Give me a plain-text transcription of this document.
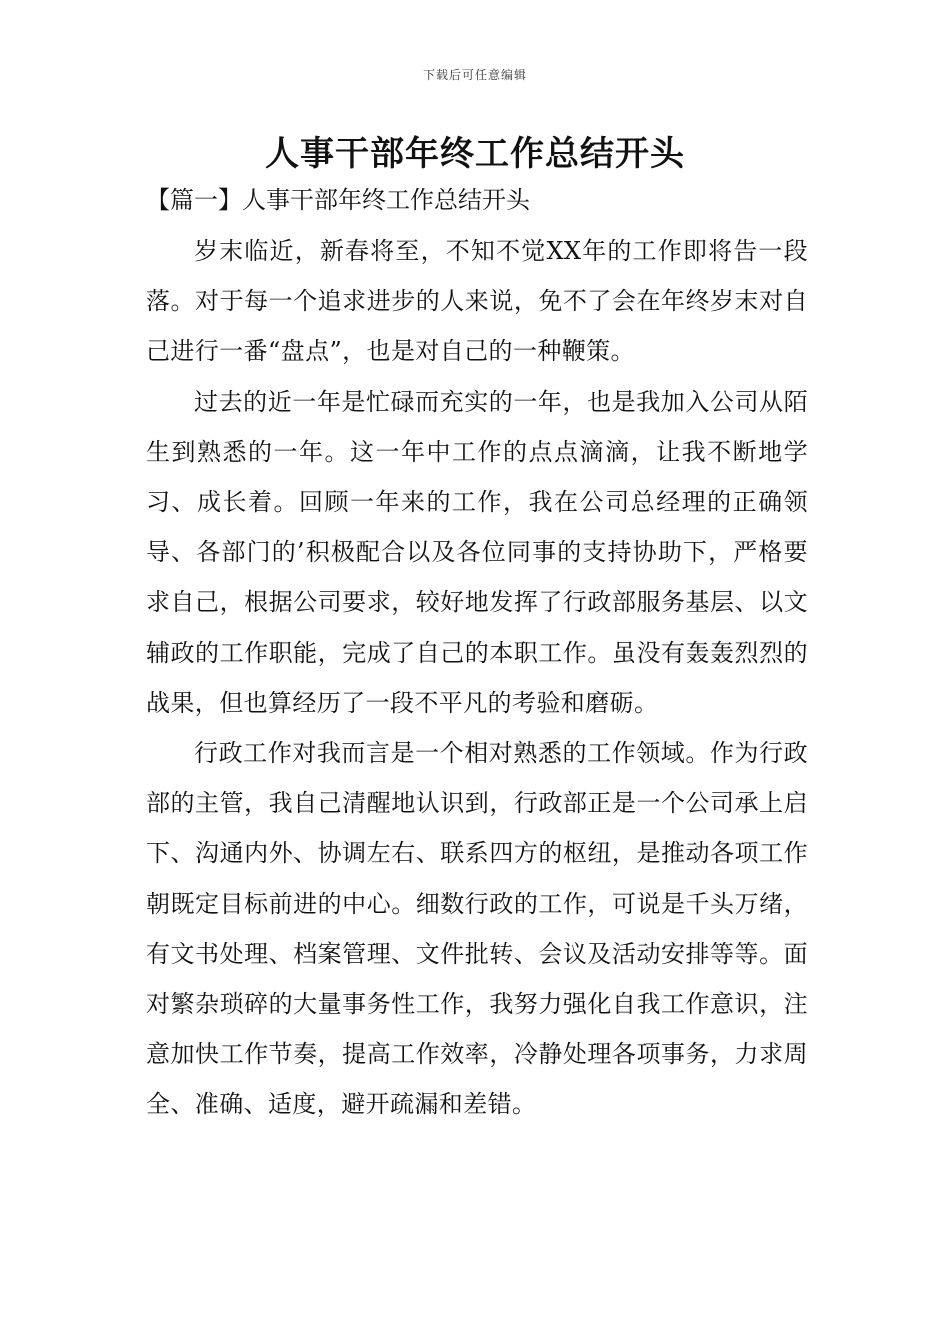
下载后可任意编辑
人事干部年终工作总结开头
【篇一】人事干部年终工作总结开头

岁末临近，新春将至，不知不觉XX年的工作即将告一段落。对于每一个追求进步的人来说，免不了会在年终岁末对自己进行一番“盘点”，也是对自己的一种鞭策。

过去的近一年是忙碌而充实的一年，也是我加入公司从陌生到熟悉的一年。这一年中工作的点点滴滴，让我不断地学习、成长着。回顾一年来的工作，我在公司总经理的正确领导、各部门的’积极配合以及各位同事的支持协助下，严格要求自己，根据公司要求，较好地发挥了行政部服务基层、以文辅政的工作职能，完成了自己的本职工作。虽没有轰轰烈烈的战果，但也算经历了一段不平凡的考验和磨砺。

行政工作对我而言是一个相对熟悉的工作领域。作为行政部的主管，我自己清醒地认识到，行政部正是一个公司承上启下、沟通内外、协调左右、联系四方的枢纽，是推动各项工作朝既定目标前进的中心。细数行政的工作，可说是千头万绪，有文书处理、档案管理、文件批转、会议及活动安排等等。面对繁杂琐碎的大量事务性工作，我努力强化自我工作意识，注意加快工作节奏，提高工作效率，冷静处理各项事务，力求周全、准确、适度，避开疏漏和差错。
